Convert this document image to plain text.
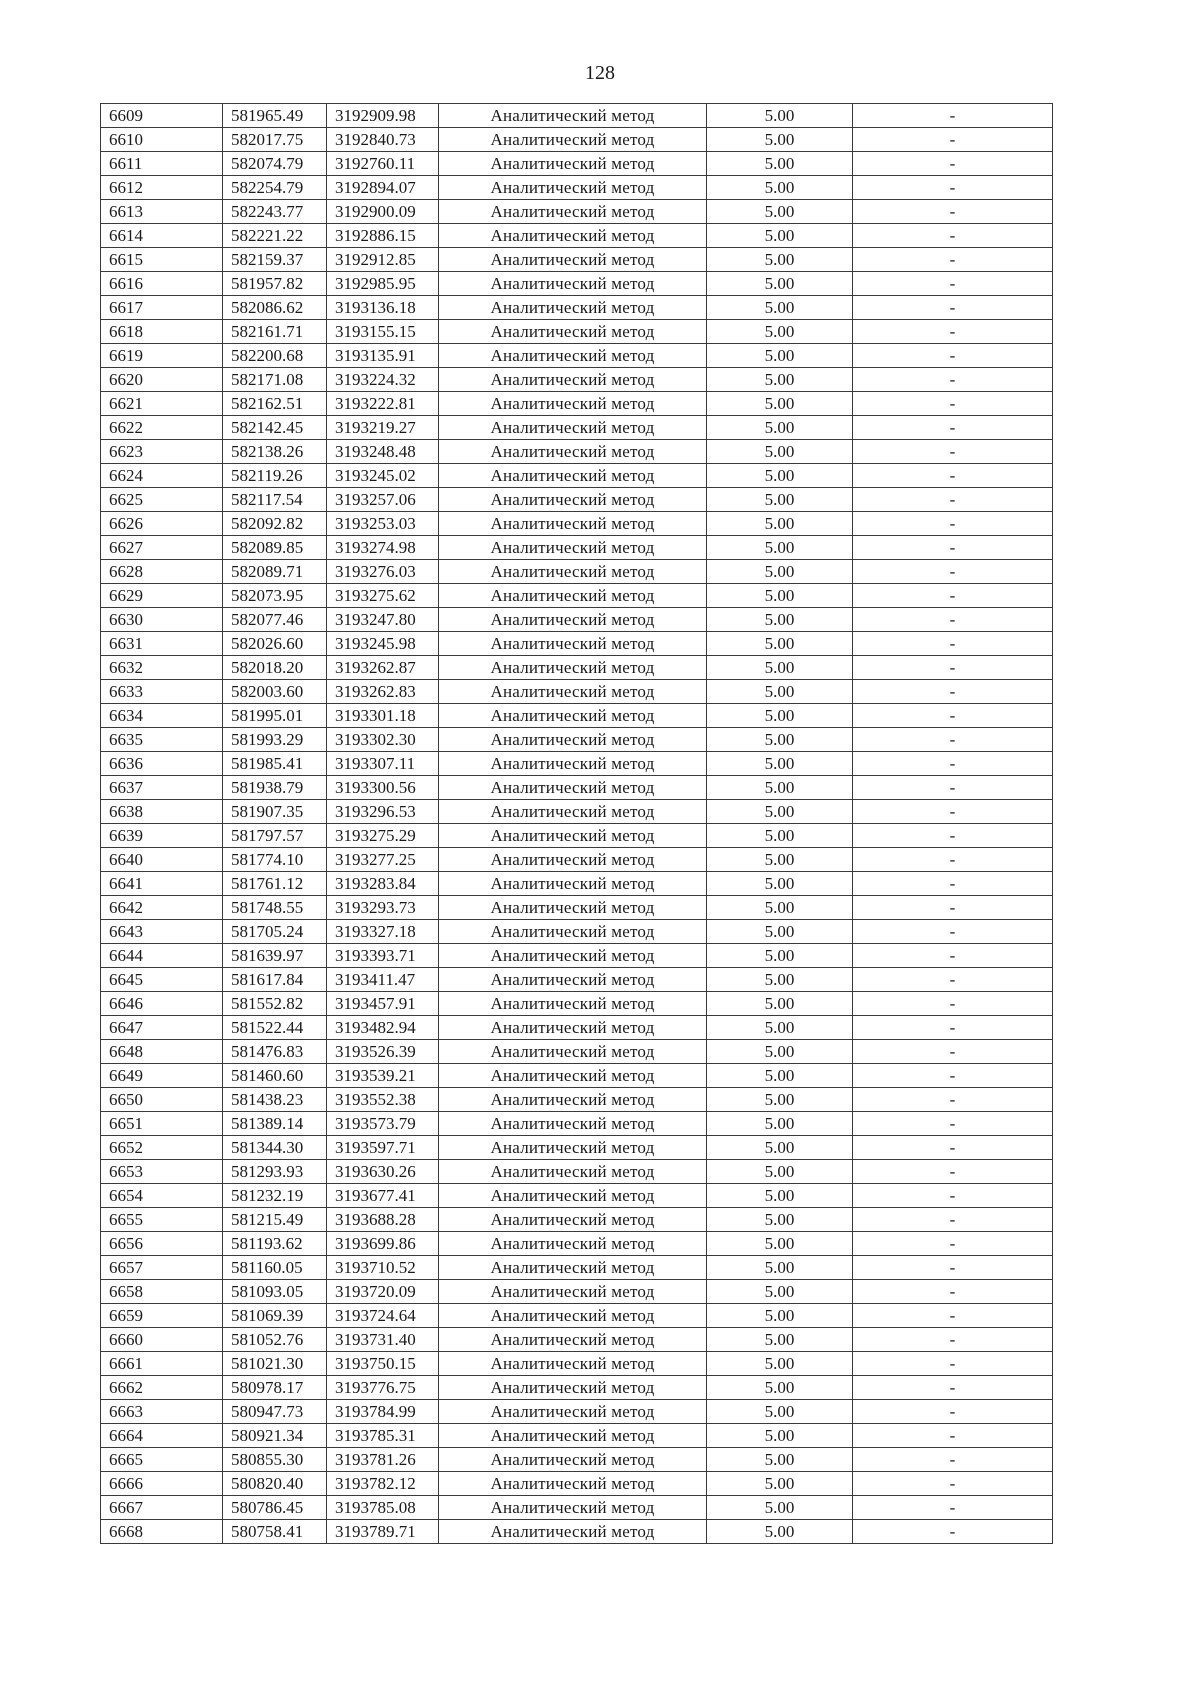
128
6609	581965.49	3192909.98	Аналитический метод	5.00	-
6610	582017.75	3192840.73	Аналитический метод	5.00	-
6611	582074.79	3192760.11	Аналитический метод	5.00	-
6612	582254.79	3192894.07	Аналитический метод	5.00	-
6613	582243.77	3192900.09	Аналитический метод	5.00	-
6614	582221.22	3192886.15	Аналитический метод	5.00	-
6615	582159.37	3192912.85	Аналитический метод	5.00	-
6616	581957.82	3192985.95	Аналитический метод	5.00	-
6617	582086.62	3193136.18	Аналитический метод	5.00	-
6618	582161.71	3193155.15	Аналитический метод	5.00	-
6619	582200.68	3193135.91	Аналитический метод	5.00	-
6620	582171.08	3193224.32	Аналитический метод	5.00	-
6621	582162.51	3193222.81	Аналитический метод	5.00	-
6622	582142.45	3193219.27	Аналитический метод	5.00	-
6623	582138.26	3193248.48	Аналитический метод	5.00	-
6624	582119.26	3193245.02	Аналитический метод	5.00	-
6625	582117.54	3193257.06	Аналитический метод	5.00	-
6626	582092.82	3193253.03	Аналитический метод	5.00	-
6627	582089.85	3193274.98	Аналитический метод	5.00	-
6628	582089.71	3193276.03	Аналитический метод	5.00	-
6629	582073.95	3193275.62	Аналитический метод	5.00	-
6630	582077.46	3193247.80	Аналитический метод	5.00	-
6631	582026.60	3193245.98	Аналитический метод	5.00	-
6632	582018.20	3193262.87	Аналитический метод	5.00	-
6633	582003.60	3193262.83	Аналитический метод	5.00	-
6634	581995.01	3193301.18	Аналитический метод	5.00	-
6635	581993.29	3193302.30	Аналитический метод	5.00	-
6636	581985.41	3193307.11	Аналитический метод	5.00	-
6637	581938.79	3193300.56	Аналитический метод	5.00	-
6638	581907.35	3193296.53	Аналитический метод	5.00	-
6639	581797.57	3193275.29	Аналитический метод	5.00	-
6640	581774.10	3193277.25	Аналитический метод	5.00	-
6641	581761.12	3193283.84	Аналитический метод	5.00	-
6642	581748.55	3193293.73	Аналитический метод	5.00	-
6643	581705.24	3193327.18	Аналитический метод	5.00	-
6644	581639.97	3193393.71	Аналитический метод	5.00	-
6645	581617.84	3193411.47	Аналитический метод	5.00	-
6646	581552.82	3193457.91	Аналитический метод	5.00	-
6647	581522.44	3193482.94	Аналитический метод	5.00	-
6648	581476.83	3193526.39	Аналитический метод	5.00	-
6649	581460.60	3193539.21	Аналитический метод	5.00	-
6650	581438.23	3193552.38	Аналитический метод	5.00	-
6651	581389.14	3193573.79	Аналитический метод	5.00	-
6652	581344.30	3193597.71	Аналитический метод	5.00	-
6653	581293.93	3193630.26	Аналитический метод	5.00	-
6654	581232.19	3193677.41	Аналитический метод	5.00	-
6655	581215.49	3193688.28	Аналитический метод	5.00	-
6656	581193.62	3193699.86	Аналитический метод	5.00	-
6657	581160.05	3193710.52	Аналитический метод	5.00	-
6658	581093.05	3193720.09	Аналитический метод	5.00	-
6659	581069.39	3193724.64	Аналитический метод	5.00	-
6660	581052.76	3193731.40	Аналитический метод	5.00	-
6661	581021.30	3193750.15	Аналитический метод	5.00	-
6662	580978.17	3193776.75	Аналитический метод	5.00	-
6663	580947.73	3193784.99	Аналитический метод	5.00	-
6664	580921.34	3193785.31	Аналитический метод	5.00	-
6665	580855.30	3193781.26	Аналитический метод	5.00	-
6666	580820.40	3193782.12	Аналитический метод	5.00	-
6667	580786.45	3193785.08	Аналитический метод	5.00	-
6668	580758.41	3193789.71	Аналитический метод	5.00	-
